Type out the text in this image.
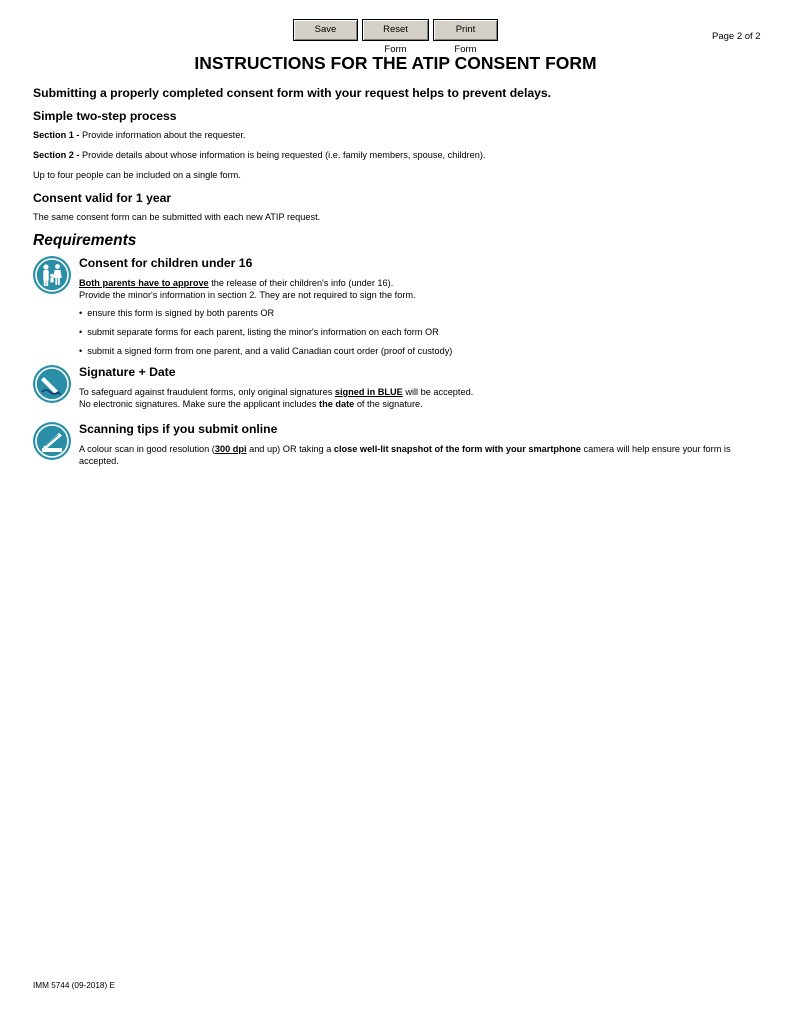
Save	Reset Form
Print Form
Page 2 of 2
INSTRUCTIONS FOR THE ATIP CONSENT FORM
Submitting a properly completed consent form with your request helps to prevent delays.
Simple two-step process
Section 1 - Provide information about the requester.
Section 2 - Provide details about whose information is being requested (i.e. family members, spouse, children).
Up to four people can be included on a single form.
Consent valid for 1 year
The same consent form can be submitted with each new ATIP request.
Requirements
Consent for children under 16

Both parents have to approve the release of their children's info (under 16).

Provide the minor's information in section 2. They are not required to sign the form.

• ensure this form is signed by both parents OR
• submit separate forms for each parent, listing the minor's information on each form OR
• submit a signed form from one parent, and a valid Canadian court order (proof of custody)
Signature + Date

To safeguard against fraudulent forms, only original signatures signed in BLUE will be accepted.

No electronic signatures. Make sure the applicant includes the date of the signature.

Scanning tips if you submit online

A colour scan in good resolution (300 dpi and up) OR taking a close well-lit snapshot of the form with your smartphone camera will help ensure your form is accepted.

IMM 5744 (09-2018) E
